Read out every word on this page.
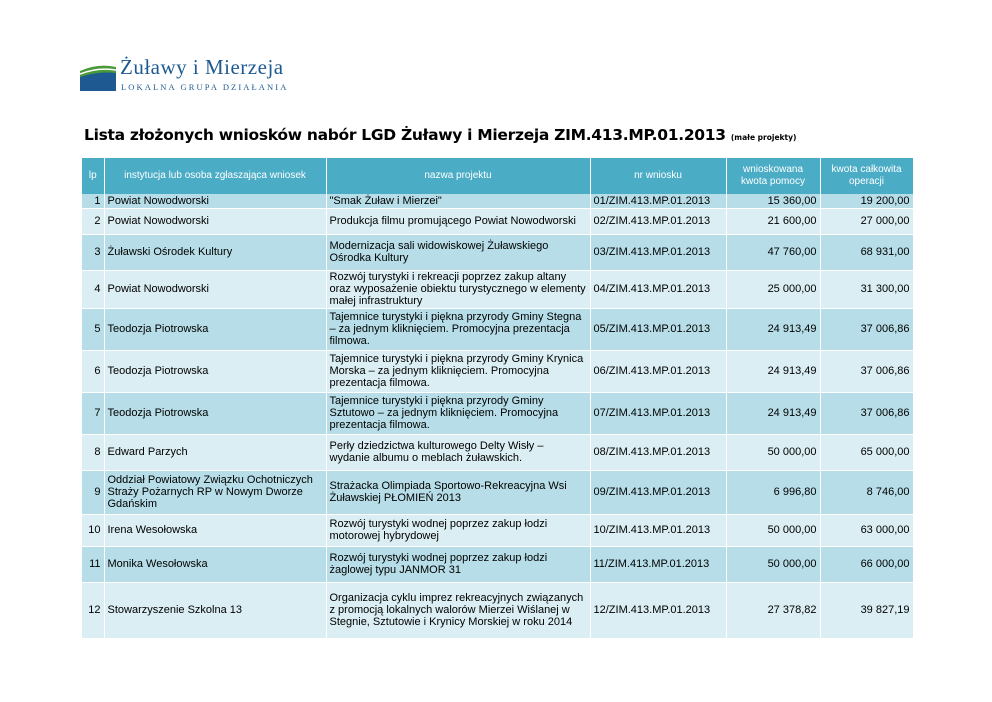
Żuławy i Mierzeja
LOKALNA GRUPA DZIAŁANIA
Lista złożonych wniosków nabór LGD Żuławy i Mierzeja ZIM.413.MP.01.2013 (małe projekty)
lp	instytucja lub osoba zgłaszająca wniosek	nazwa projektu	nr wniosku	wnioskowana kwota pomocy	kwota całkowita operacji
1	Powiat Nowodworski	"Smak Żuław i Mierzei"	01/ZIM.413.MP.01.2013	15 360,00	19 200,00
2	Powiat Nowodworski	Produkcja filmu promującego Powiat Nowodworski	02/ZIM.413.MP.01.2013	21 600,00	27 000,00
3	Żuławski Ośrodek Kultury	Modernizacja sali widowiskowej Żuławskiego Ośrodka Kultury	03/ZIM.413.MP.01.2013	47 760,00	68 931,00
4	Powiat Nowodworski	Rozwój turystyki i rekreacji poprzez zakup altany oraz wyposażenie obiektu turystycznego w elementy małej infrastruktury	04/ZIM.413.MP.01.2013	25 000,00	31 300,00
5	Teodozja Piotrowska	Tajemnice turystyki i piękna przyrody Gminy Stegna – za jednym kliknięciem. Promocyjna prezentacja filmowa.	05/ZIM.413.MP.01.2013	24 913,49	37 006,86
6	Teodozja Piotrowska	Tajemnice turystyki i piękna przyrody Gminy Krynica Morska – za jednym kliknięciem. Promocyjna prezentacja filmowa.	06/ZIM.413.MP.01.2013	24 913,49	37 006,86
7	Teodozja Piotrowska	Tajemnice turystyki i piękna przyrody Gminy Sztutowo – za jednym kliknięciem. Promocyjna prezentacja filmowa.	07/ZIM.413.MP.01.2013	24 913,49	37 006,86
8	Edward Parzych	Perły dziedzictwa kulturowego Delty Wisły – wydanie albumu o meblach żuławskich.	08/ZIM.413.MP.01.2013	50 000,00	65 000,00
9	Oddział Powiatowy Związku Ochotniczych Straży Pożarnych RP w Nowym Dworze Gdańskim	Strażacka Olimpiada Sportowo-Rekreacyjna Wsi Żuławskiej PŁOMIEŃ 2013	09/ZIM.413.MP.01.2013	6 996,80	8 746,00
10	Irena Wesołowska	Rozwój turystyki wodnej poprzez zakup łodzi motorowej hybrydowej	10/ZIM.413.MP.01.2013	50 000,00	63 000,00
11	Monika Wesołowska	Rozwój turystyki wodnej poprzez zakup łodzi żaglowej typu JANMOR 31	11/ZIM.413.MP.01.2013	50 000,00	66 000,00
12	Stowarzyszenie Szkolna 13	Organizacja cyklu imprez rekreacyjnych związanych z promocją lokalnych walorów Mierzei Wiślanej w Stegnie, Sztutowie i Krynicy Morskiej w roku 2014	12/ZIM.413.MP.01.2013	27 378,82	39 827,19
